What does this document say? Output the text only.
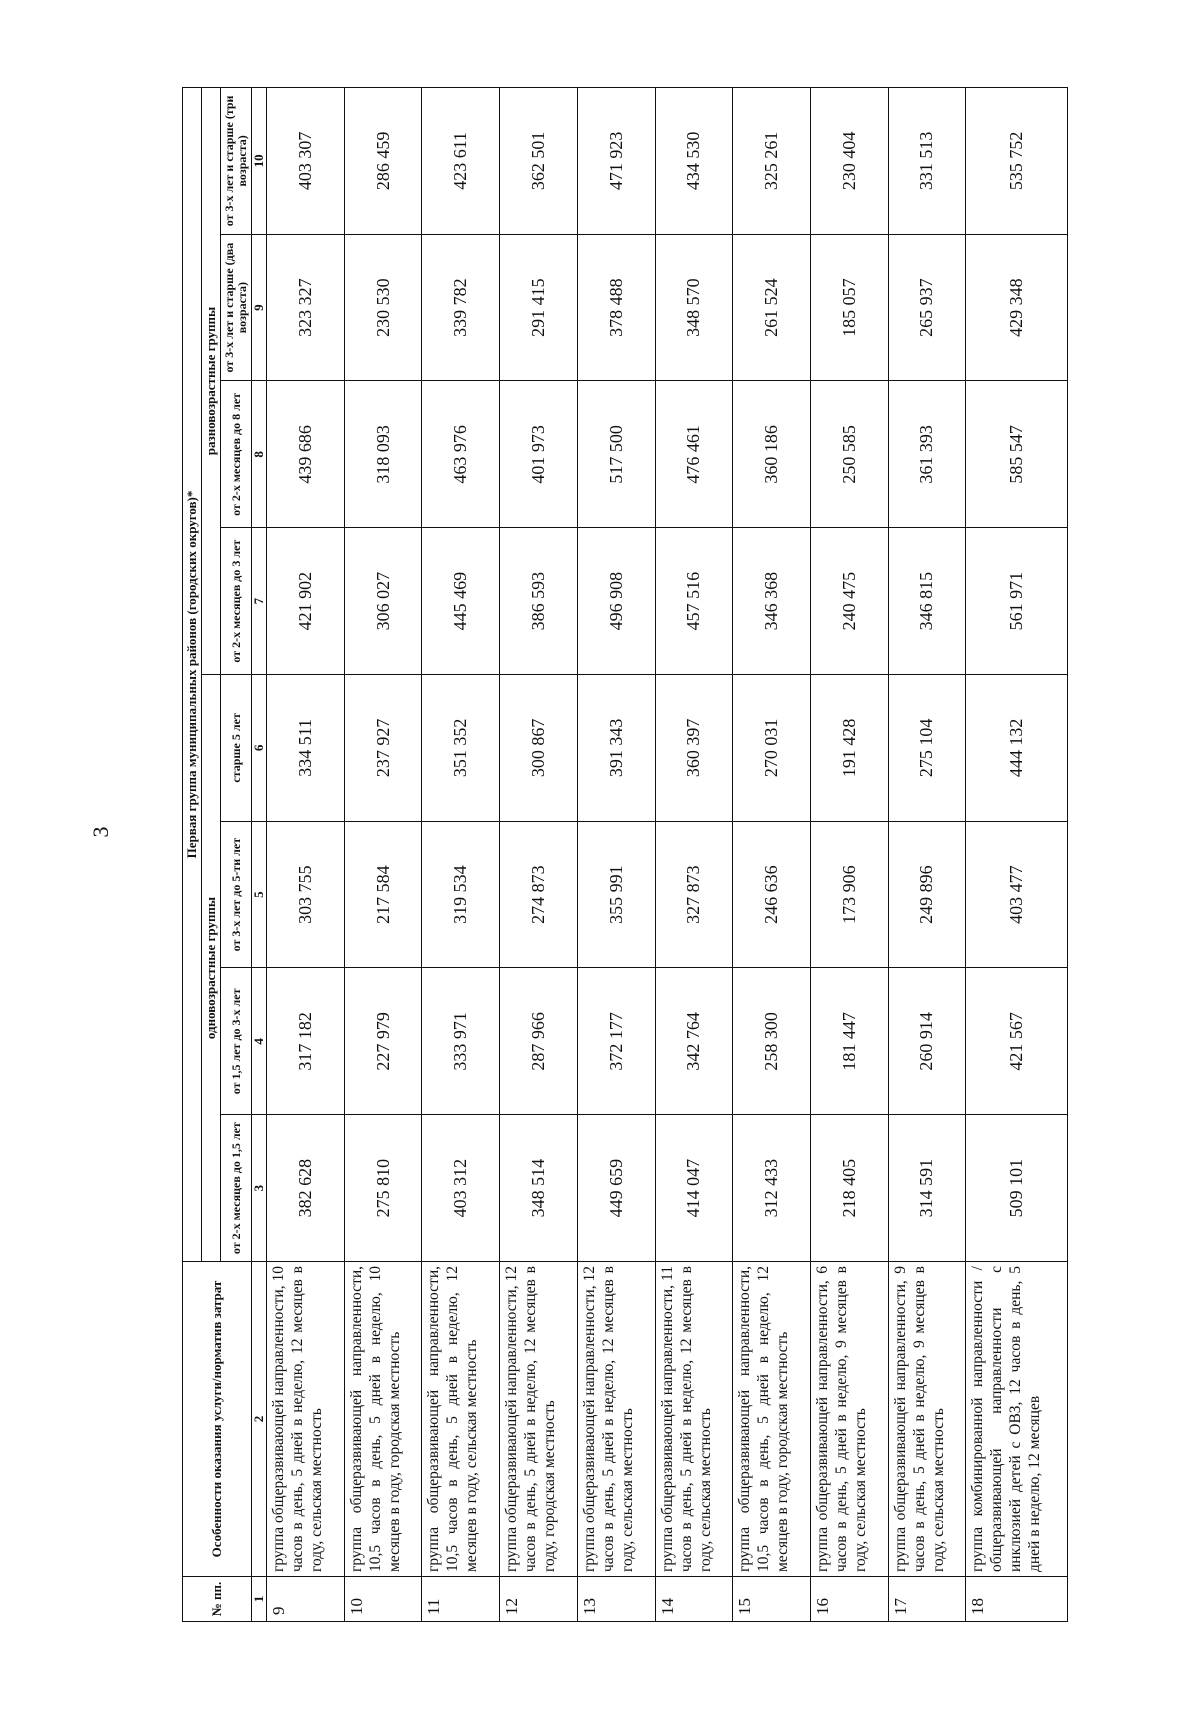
3
№ пп.	Особенности оказания услуги/норматив затрат	Первая группа муниципальных районов (городских округов)*							
		одновозрастные группы				разновозрастные группы			
		от 2-х месяцев до 1,5 лет	от 1,5 лет до 3-х лет	от 3-х лет до 5-ти лет	старше 5 лет	от 2-х месяцев до 3 лет	от 2-х месяцев до 8 лет	от 3-х лет и старше (два возраста)	от 3-х лет и старше (три возраста)
1	2	3	4	5	6	7	8	9	10
9	группа общеразвивающей направленности, 10 часов в день, 5 дней в неделю, 12 месяцев в году, сельская местность	382 628	317 182	303 755	334 511	421 902	439 686	323 327	403 307
10	группа общеразвивающей направленности, 10,5 часов в день, 5 дней в неделю, 10 месяцев в году, городская местность	275 810	227 979	217 584	237 927	306 027	318 093	230 530	286 459
11	группа общеразвивающей направленности, 10,5 часов в день, 5 дней в неделю, 12 месяцев в году, сельская местность	403 312	333 971	319 534	351 352	445 469	463 976	339 782	423 611
12	группа общеразвивающей направленности, 12 часов в день, 5 дней в неделю, 12 месяцев в году, городская местность	348 514	287 966	274 873	300 867	386 593	401 973	291 415	362 501
13	группа общеразвивающей направленности, 12 часов в день, 5 дней в неделю, 12 месяцев в году, сельская местность	449 659	372 177	355 991	391 343	496 908	517 500	378 488	471 923
14	группа общеразвивающей направленности, 11 часов в день, 5 дней в неделю, 12 месяцев в году, сельская местность	414 047	342 764	327 873	360 397	457 516	476 461	348 570	434 530
15	группа общеразвивающей направленности, 10,5 часов в день, 5 дней в неделю, 12 месяцев в году, городская местность	312 433	258 300	246 636	270 031	346 368	360 186	261 524	325 261
16	группа общеразвивающей направленности, 6 часов в день, 5 дней в неделю, 9 месяцев в году, сельская местность	218 405	181 447	173 906	191 428	240 475	250 585	185 057	230 404
17	группа общеразвивающей направленности, 9 часов в день, 5 дней в неделю, 9 месяцев в году, сельская местность	314 591	260 914	249 896	275 104	346 815	361 393	265 937	331 513
18	группа комбинированной направленности / общеразвивающей направленности с инклюзией детей с ОВЗ, 12 часов в день, 5 дней в неделю, 12 месяцев	509 101	421 567	403 477	444 132	561 971	585 547	429 348	535 752
